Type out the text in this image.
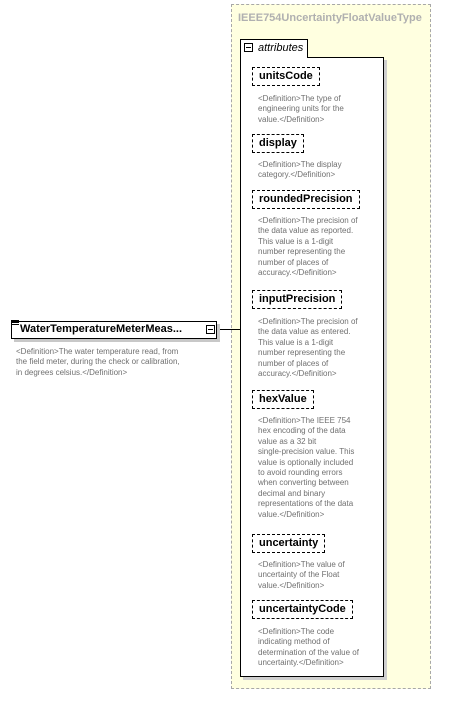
IEEE754UncertaintyFloatValueType
attributes
unitsCode
<Definition>The type of
engineering units for the
value.</Definition>
display
<Definition>The display
category.</Definition>
roundedPrecision
<Definition>The precision of
the data value as reported.
This value is a 1-digit
number representing the
number of places of
accuracy.</Definition>
inputPrecision
<Definition>The precision of
the data value as entered.
This value is a 1-digit
number representing the
number of places of
accuracy.</Definition>
hexValue
<Definition>The IEEE 754
hex encoding of the data
value as a 32 bit
single-precision value. This
value is optionally included
to avoid rounding errors
when converting between
decimal and binary
representations of the data
value.</Definition>
uncertainty
<Definition>The value of
uncertainty of the Float
value.</Definition>
uncertaintyCode
<Definition>The code
indicating method of
determination of the value of
uncertainty.</Definition>
WaterTemperatureMeterMeas...
<Definition>The water temperature read, from
the field meter, during the check or calibration,
in degrees celsius.</Definition>
